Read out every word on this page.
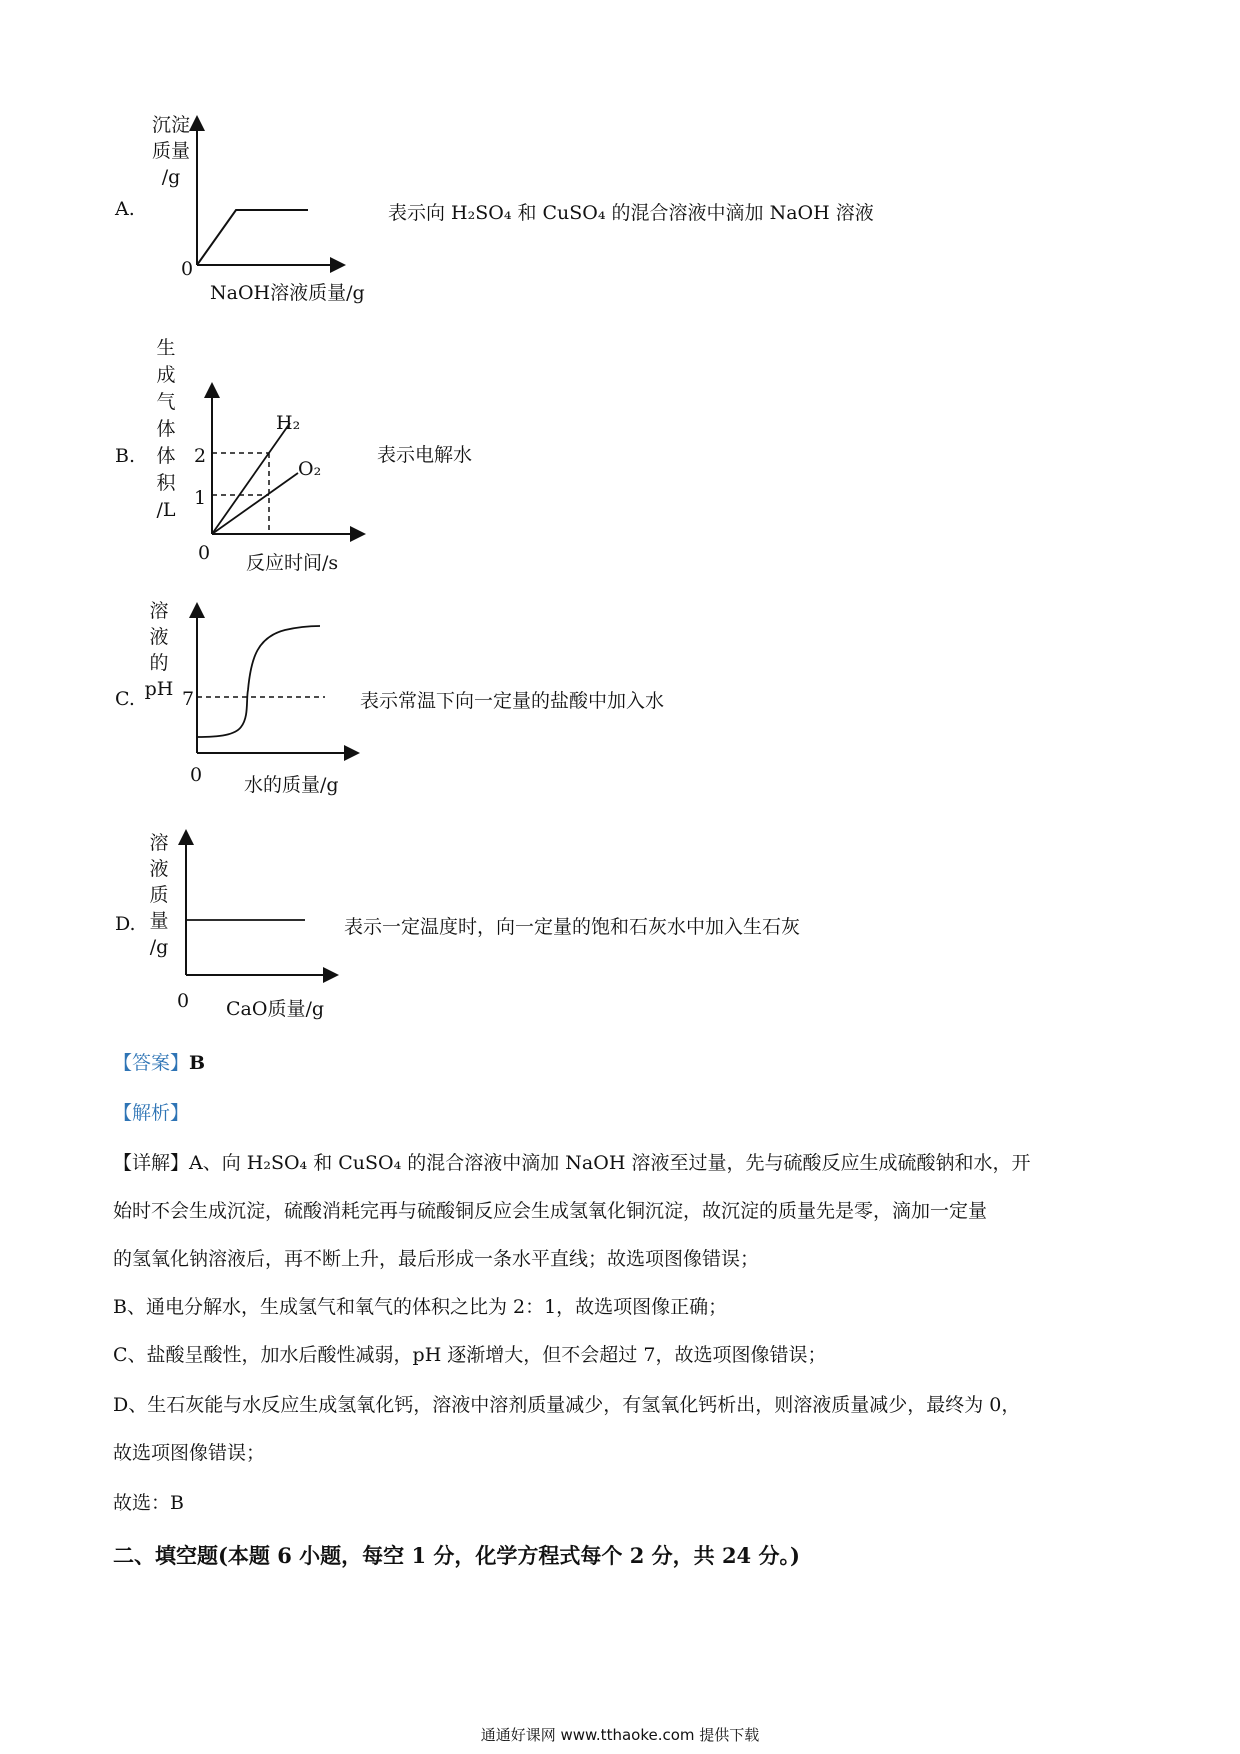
A.
沉淀
质量
/g
0
NaOH溶液质量/g
表示向 H₂SO₄ 和 CuSO₄ 的混合溶液中滴加 NaOH 溶液
B.
生
成
气
体
体
积
/L
2
1
H₂
O₂
0 反应时间/s
表示电解水
C.
溶
液
的
pH 7
0 水的质量/g
表示常温下向一定量的盐酸中加入水
D.
溶
液
质
量
/g
0 CaO质量/g
表示一定温度时，向一定量的饱和石灰水中加入生石灰
【答案】B
【解析】
【详解】A、向 H₂SO₄ 和 CuSO₄ 的混合溶液中滴加 NaOH 溶液至过量，先与硫酸反应生成硫酸钠和水，开
始时不会生成沉淀，硫酸消耗完再与硫酸铜反应会生成氢氧化铜沉淀，故沉淀的质量先是零，滴加一定量
的氢氧化钠溶液后，再不断上升，最后形成一条水平直线；故选项图像错误；
B、通电分解水，生成氢气和氧气的体积之比为 2：1，故选项图像正确；
C、盐酸呈酸性，加水后酸性减弱，pH 逐渐增大，但不会超过 7，故选项图像错误；
D、生石灰能与水反应生成氢氧化钙，溶液中溶剂质量减少，有氢氧化钙析出，则溶液质量减少，最终为 0，
故选项图像错误；
故选：B
二、填空题(本题 6 小题，每空 1 分，化学方程式每个 2 分，共 24 分。)
通通好课网 www.tthaoke.com 提供下载
